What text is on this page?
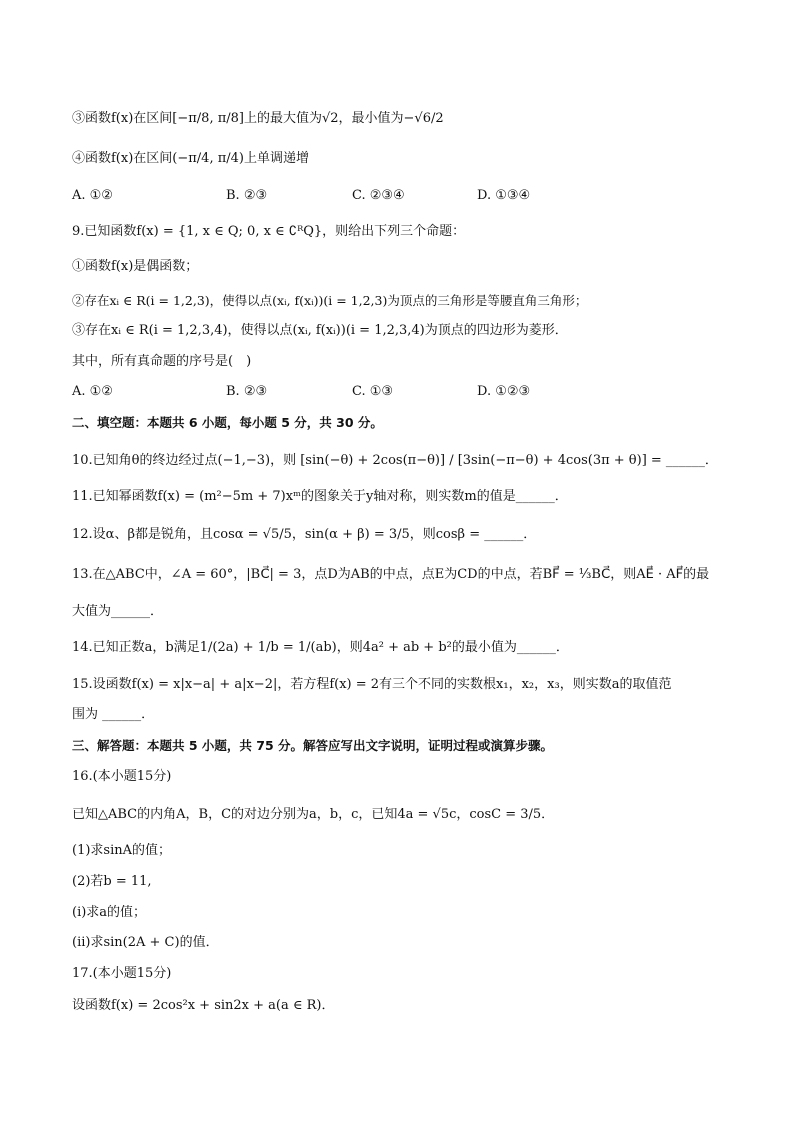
③函数f(x)在区间[−π/8, π/8]上的最大值为√2，最小值为−√6/2
④函数f(x)在区间(−π/4, π/4)上单调递增
A. ①②	B. ②③	C. ②③④	D. ①③④
9.已知函数f(x) = {1, x ∈ Q; 0, x ∈ ∁ᴿQ}，则给出下列三个命题：
①函数f(x)是偶函数；
②存在xᵢ ∈ R(i = 1,2,3)，使得以点(xᵢ, f(xᵢ))(i = 1,2,3)为顶点的三角形是等腰直角三角形；
③存在xᵢ ∈ R(i = 1,2,3,4)，使得以点(xᵢ, f(xᵢ))(i = 1,2,3,4)为顶点的四边形为菱形．
其中，所有真命题的序号是(　)
A. ①②	B. ②③	C. ①③	D. ①②③
二、填空题：本题共 6 小题，每小题 5 分，共 30 分。
10.已知角θ的终边经过点(−1,−3)，则 [sin(−θ) + 2cos(π−θ)] / [3sin(−π−θ) + 4cos(3π + θ)] = ______．
11.已知幂函数f(x) = (m²−5m + 7)xᵐ的图象关于y轴对称，则实数m的值是______．
12.设α、β都是锐角，且cosα = √5/5，sin(α + β) = 3/5，则cosβ = ______．
13.在△ABC中，∠A = 60°，|BC⃗| = 3，点D为AB的中点，点E为CD的中点，若BF⃗ = ⅓BC⃗，则AE⃗ · AF⃗的最
大值为______．
14.已知正数a，b满足1/(2a) + 1/b = 1/(ab)，则4a² + ab + b²的最小值为______．
15.设函数f(x) = x|x−a| + a|x−2|，若方程f(x) = 2有三个不同的实数根x₁，x₂，x₃，则实数a的取值范
围为 ______．
三、解答题：本题共 5 小题，共 75 分。解答应写出文字说明，证明过程或演算步骤。
16.(本小题15分)
已知△ABC的内角A，B，C的对边分别为a，b，c，已知4a = √5c，cosC = 3/5．
(1)求sinA的值；
(2)若b = 11,
(i)求a的值；
(ii)求sin(2A + C)的值．
17.(本小题15分)
设函数f(x) = 2cos²x + sin2x + a(a ∈ R)．
